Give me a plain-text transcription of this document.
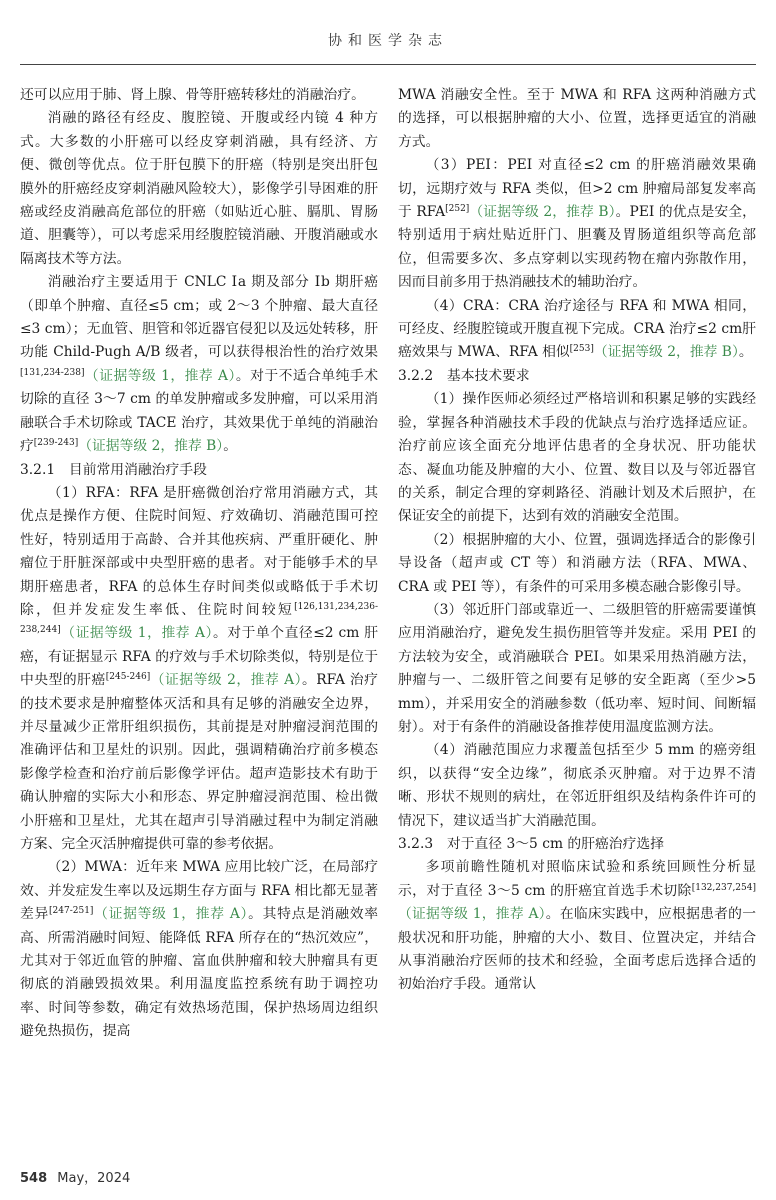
协和医学杂志

还可以应用于肺、肾上腺、骨等肝癌转移灶的消融治疗。

消融的路径有经皮、腹腔镜、开腹或经内镜 4 种方式。大多数的小肝癌可以经皮穿刺消融，具有经济、方便、微创等优点。位于肝包膜下的肝癌（特别是突出肝包膜外的肝癌经皮穿刺消融风险较大），影像学引导困难的肝癌或经皮消融高危部位的肝癌（如贴近心脏、膈肌、胃肠道、胆囊等），可以考虑采用经腹腔镜消融、开腹消融或水隔离技术等方法。

消融治疗主要适用于 CNLC Ⅰa 期及部分 Ⅰb 期肝癌（即单个肿瘤、直径≤5 cm；或 2～3 个肿瘤、最大直径≤3 cm）；无血管、胆管和邻近器官侵犯以及远处转移，肝功能 Child-Pugh A/B 级者，可以获得根治性的治疗效果[131,234-238]（证据等级 1，推荐 A）。对于不适合单纯手术切除的直径 3～7 cm 的单发肿瘤或多发肿瘤，可以采用消融联合手术切除或 TACE 治疗，其效果优于单纯的消融治疗[239-243]（证据等级 2，推荐 B）。

3.2.1　目前常用消融治疗手段

（1）RFA：RFA 是肝癌微创治疗常用消融方式，其优点是操作方便、住院时间短、疗效确切、消融范围可控性好，特别适用于高龄、合并其他疾病、严重肝硬化、肿瘤位于肝脏深部或中央型肝癌的患者。对于能够手术的早期肝癌患者，RFA 的总体生存时间类似或略低于手术切除，但并发症发生率低、住院时间较短[126,131,234,236-238,244]（证据等级 1，推荐 A）。对于单个直径≤2 cm 肝癌，有证据显示 RFA 的疗效与手术切除类似，特别是位于中央型的肝癌[245-246]（证据等级 2，推荐 A）。RFA 治疗的技术要求是肿瘤整体灭活和具有足够的消融安全边界，并尽量减少正常肝组织损伤，其前提是对肿瘤浸润范围的准确评估和卫星灶的识别。因此，强调精确治疗前多模态影像学检查和治疗前后影像学评估。超声造影技术有助于确认肿瘤的实际大小和形态、界定肿瘤浸润范围、检出微小肝癌和卫星灶，尤其在超声引导消融过程中为制定消融方案、完全灭活肿瘤提供可靠的参考依据。

（2）MWA：近年来 MWA 应用比较广泛，在局部疗效、并发症发生率以及远期生存方面与 RFA 相比都无显著差异[247-251]（证据等级 1，推荐 A）。其特点是消融效率高、所需消融时间短、能降低 RFA 所存在的“热沉效应”，尤其对于邻近血管的肿瘤、富血供肿瘤和较大肿瘤具有更彻底的消融毁损效果。利用温度监控系统有助于调控功率、时间等参数，确定有效热场范围，保护热场周边组织避免热损伤，提高

MWA 消融安全性。至于 MWA 和 RFA 这两种消融方式的选择，可以根据肿瘤的大小、位置，选择更适宜的消融方式。

（3）PEI：PEI 对直径≤2 cm 的肝癌消融效果确切，远期疗效与 RFA 类似，但>2 cm 肿瘤局部复发率高于 RFA[252]（证据等级 2，推荐 B）。PEI 的优点是安全，特别适用于病灶贴近肝门、胆囊及胃肠道组织等高危部位，但需要多次、多点穿刺以实现药物在瘤内弥散作用，因而目前多用于热消融技术的辅助治疗。

（4）CRA：CRA 治疗途径与 RFA 和 MWA 相同，可经皮、经腹腔镜或开腹直视下完成。CRA 治疗≤2 cm肝癌效果与 MWA、RFA 相似[253]（证据等级 2，推荐 B）。

3.2.2　基本技术要求

（1）操作医师必须经过严格培训和积累足够的实践经验，掌握各种消融技术手段的优缺点与治疗选择适应证。治疗前应该全面充分地评估患者的全身状况、肝功能状态、凝血功能及肿瘤的大小、位置、数目以及与邻近器官的关系，制定合理的穿刺路径、消融计划及术后照护，在保证安全的前提下，达到有效的消融安全范围。

（2）根据肿瘤的大小、位置，强调选择适合的影像引导设备（超声或 CT 等）和消融方法（RFA、MWA、CRA 或 PEI 等），有条件的可采用多模态融合影像引导。

（3）邻近肝门部或靠近一、二级胆管的肝癌需要谨慎应用消融治疗，避免发生损伤胆管等并发症。采用 PEI 的方法较为安全，或消融联合 PEI。如果采用热消融方法，肿瘤与一、二级肝管之间要有足够的安全距离（至少>5 mm），并采用安全的消融参数（低功率、短时间、间断辐射）。对于有条件的消融设备推荐使用温度监测方法。

（4）消融范围应力求覆盖包括至少 5 mm 的癌旁组织，以获得“安全边缘”，彻底杀灭肿瘤。对于边界不清晰、形状不规则的病灶，在邻近肝组织及结构条件许可的情况下，建议适当扩大消融范围。

3.2.3　对于直径 3～5 cm 的肝癌治疗选择

多项前瞻性随机对照临床试验和系统回顾性分析显示，对于直径 3～5 cm 的肝癌宜首选手术切除[132,237,254]（证据等级 1，推荐 A）。在临床实践中，应根据患者的一般状况和肝功能，肿瘤的大小、数目、位置决定，并结合从事消融治疗医师的技术和经验，全面考虑后选择合适的初始治疗手段。通常认

548 May，2024
